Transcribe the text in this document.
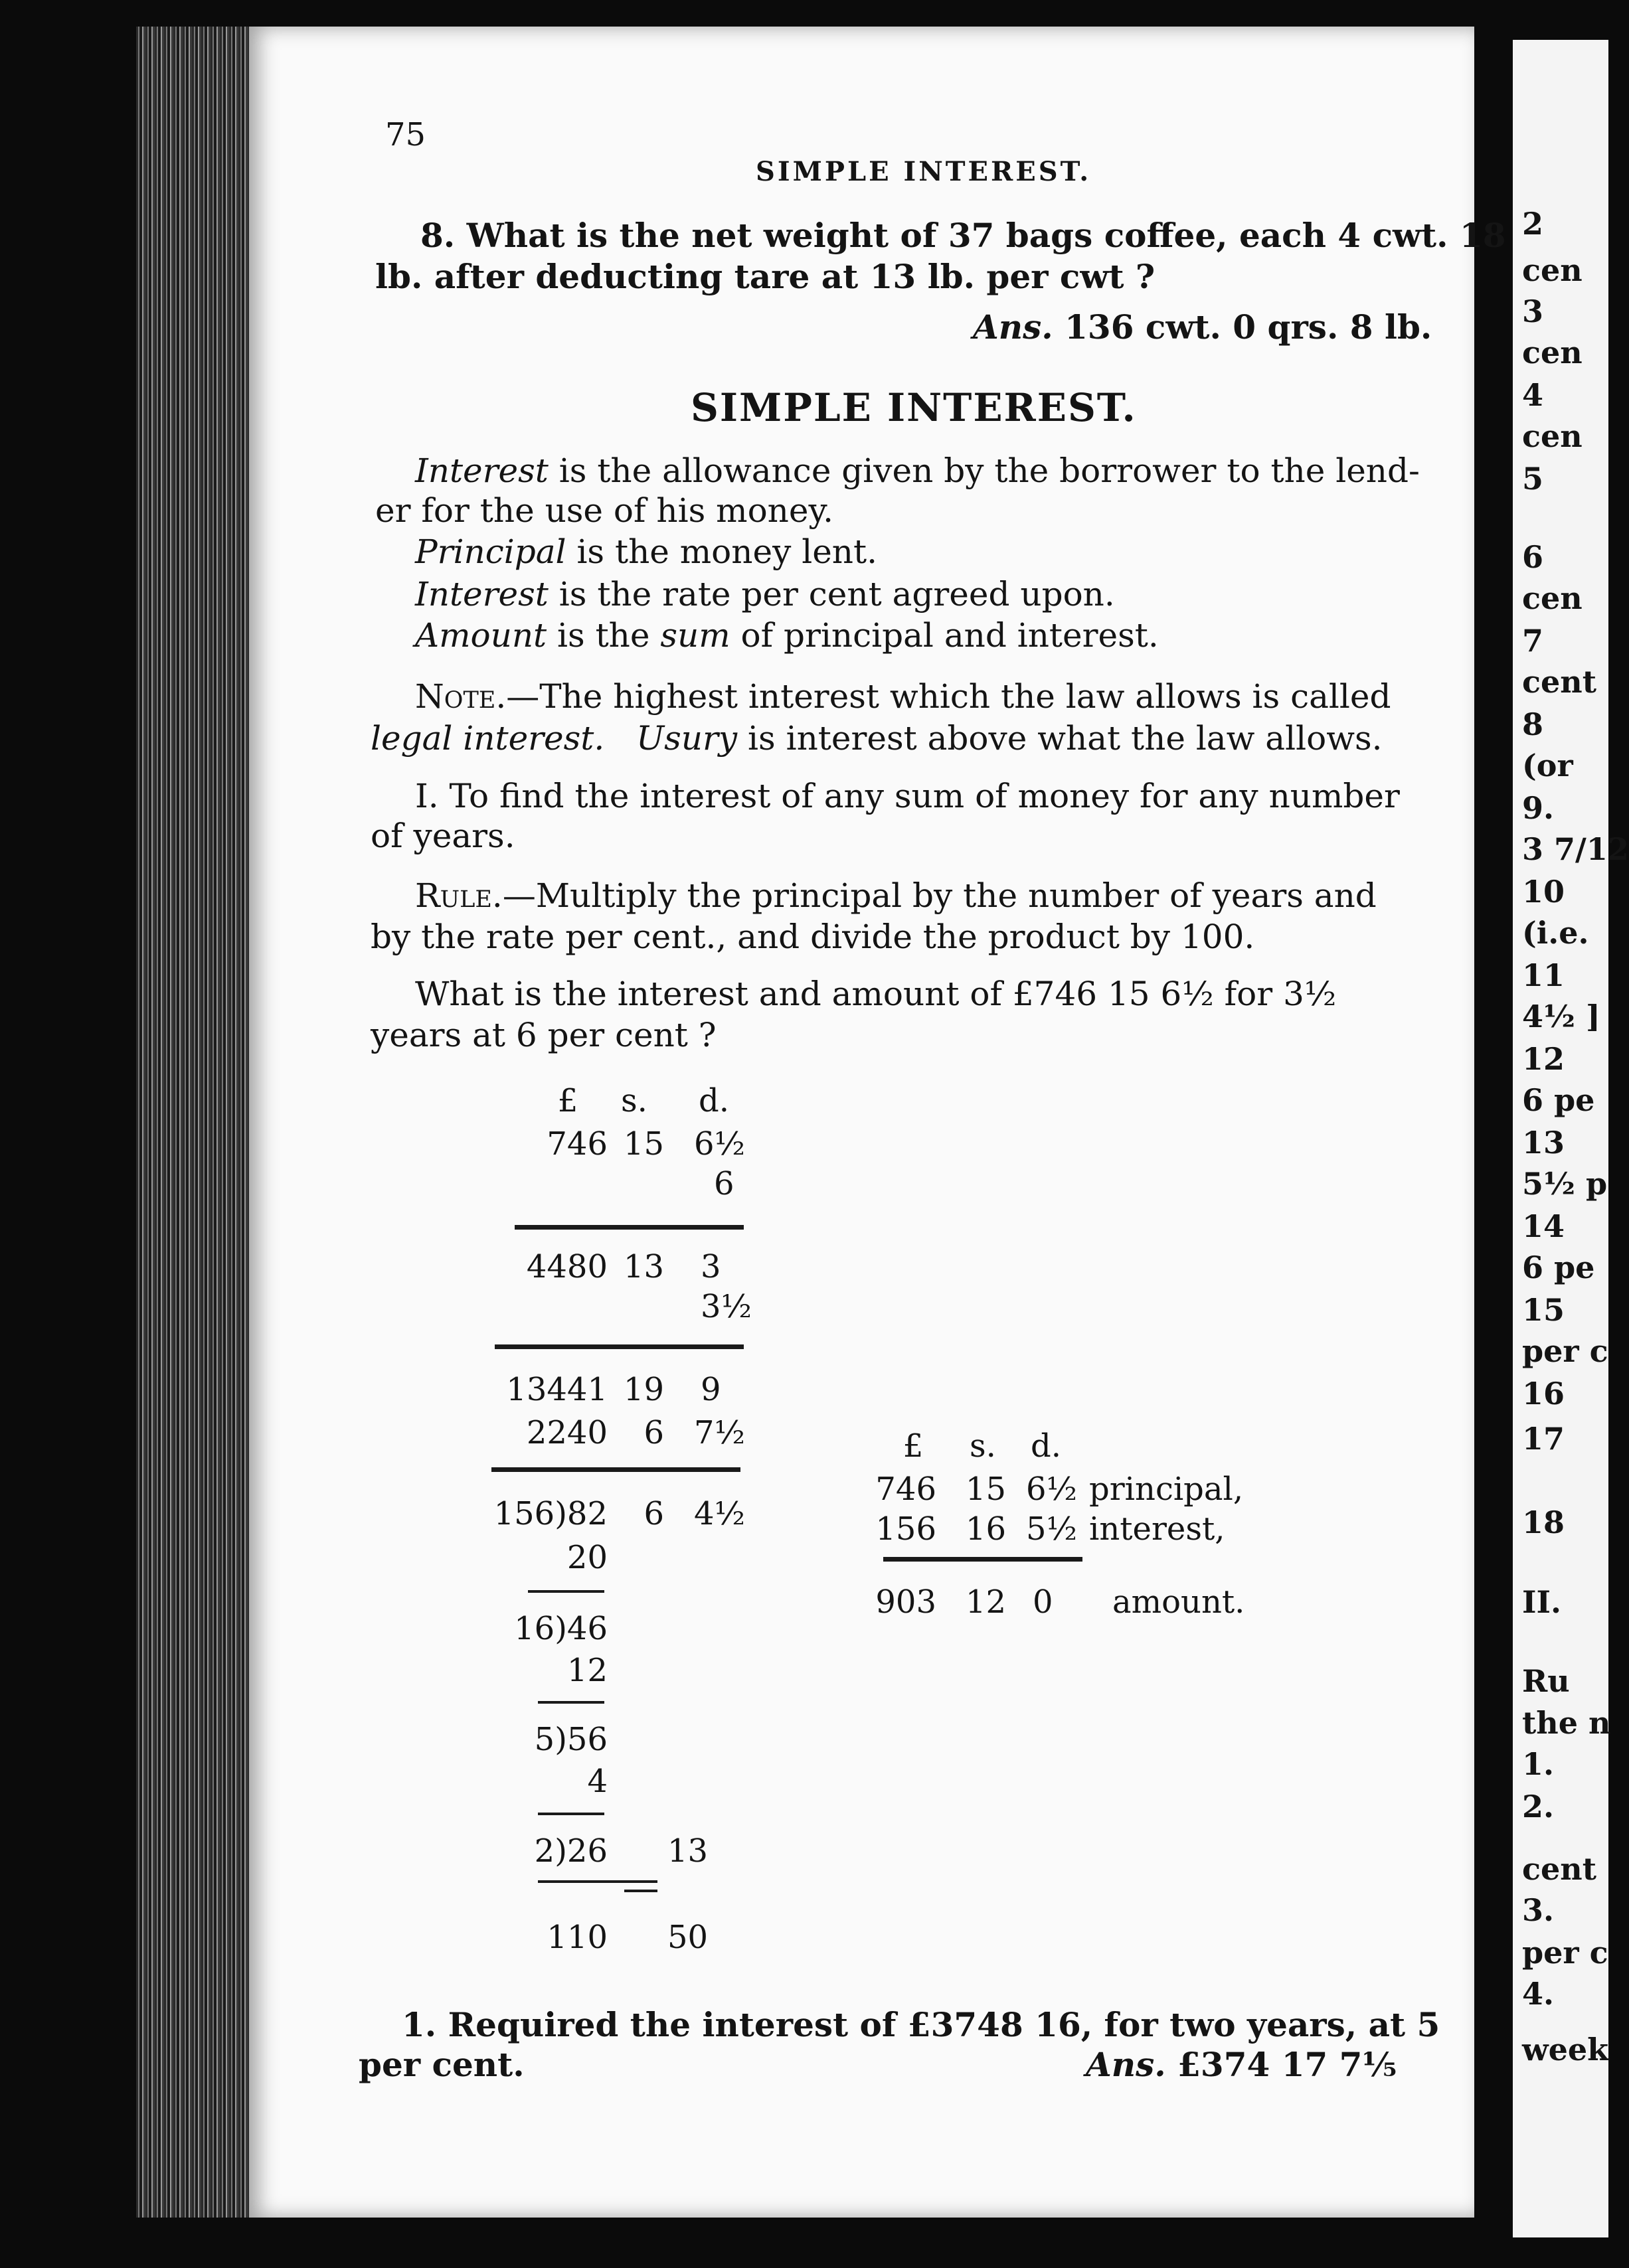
75
SIMPLE INTEREST.
8. What is the net weight of 37 bags coffee, each 4 cwt. 18
lb. after deducting tare at 13 lb. per cwt ?
Ans. 136 cwt. 0 qrs. 8 lb.
SIMPLE INTEREST.
Interest is the allowance given by the borrower to the lend-
er for the use of his money.
Principal is the money lent.
Interest is the rate per cent agreed upon.
Amount is the sum of principal and interest.
Note.—The highest interest which the law allows is called
legal interest. Usury is interest above what the law allows.
I. To find the interest of any sum of money for any number
of years.
Rule.—Multiply the principal by the number of years and
by the rate per cent., and divide the product by 100.
What is the interest and amount of £746 15 6½ for 3½
years at 6 per cent ?
£	s.	d.
746 15 6½
6
4480 13 3
3½
13441 19 9
2240	6 7½
156)82	6 4½
20
16)46
12
5)56
4
2)26 13
110 50
£	s.	d.
746 15 6½ principal,
156 16 5½ interest,
903 12 0	amount.
1. Required the interest of £3748 16, for two years, at 5
per cent.	Ans. £374 17 7⅕
2
cen
3
cen
4
cen
5
6
cen
7
cent
8
(or
9.
3 7/12
10
(i.e.
11
4½ ]
12
6 pe
13
5½ p
14
6 pe
15
per c
16
17
18
II.
Ru
the n
1.
2.
cent
3.
per c
4.
week
